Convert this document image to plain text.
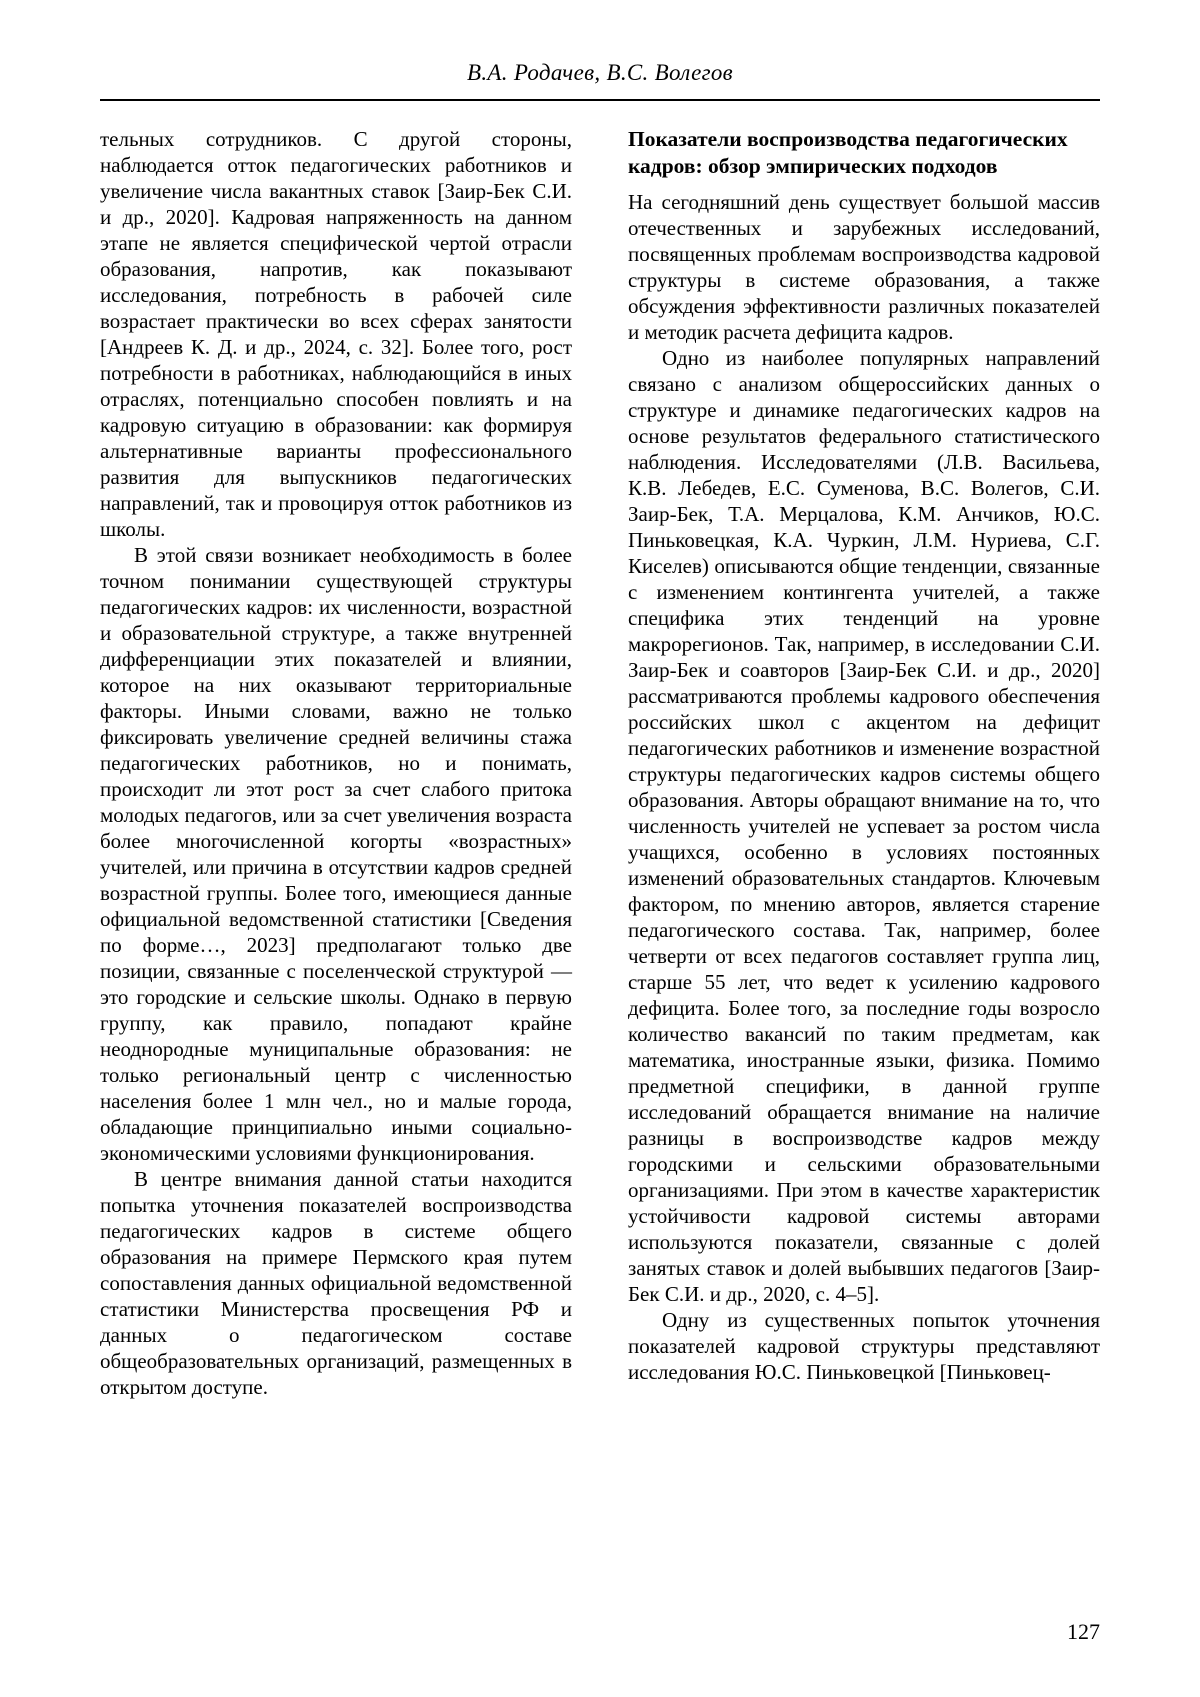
В.А. Родачев, В.С. Волегов

тельных сотрудников. С другой стороны, наблюдается отток педагогических работников и увеличение числа вакантных ставок [Заир-Бек С.И. и др., 2020]. Кадровая напряженность на данном этапе не является специфической чертой отрасли образования, напротив, как показывают исследования, потребность в рабочей силе возрастает практически во всех сферах занятости [Андреев К. Д. и др., 2024, с. 32]. Более того, рост потребности в работниках, наблюдающийся в иных отраслях, потенциально способен повлиять и на кадровую ситуацию в образовании: как формируя альтернативные варианты профессионального развития для выпускников педагогических направлений, так и провоцируя отток работников из школы.

В этой связи возникает необходимость в более точном понимании существующей структуры педагогических кадров: их численности, возрастной и образовательной структуре, а также внутренней дифференциации этих показателей и влиянии, которое на них оказывают территориальные факторы. Иными словами, важно не только фиксировать увеличение средней величины стажа педагогических работников, но и понимать, происходит ли этот рост за счет слабого притока молодых педагогов, или за счет увеличения возраста более многочисленной когорты «возрастных» учителей, или причина в отсутствии кадров средней возрастной группы. Более того, имеющиеся данные официальной ведомственной статистики [Сведения по форме…, 2023] предполагают только две позиции, связанные с поселенческой структурой — это городские и сельские школы. Однако в первую группу, как правило, попадают крайне неоднородные муниципальные образования: не только региональный центр с численностью населения более 1 млн чел., но и малые города, обладающие принципиально иными социально-экономическими условиями функционирования.

В центре внимания данной статьи находится попытка уточнения показателей воспроизводства педагогических кадров в системе общего образования на примере Пермского края путем сопоставления данных официальной ведомственной статистики Министерства просвещения РФ и данных о педагогическом составе общеобразовательных организаций, размещенных в открытом доступе.

Показатели воспроизводства педагогических кадров: обзор эмпирических подходов

На сегодняшний день существует большой массив отечественных и зарубежных исследований, посвященных проблемам воспроизводства кадровой структуры в системе образования, а также обсуждения эффективности различных показателей и методик расчета дефицита кадров.

Одно из наиболее популярных направлений связано с анализом общероссийских данных о структуре и динамике педагогических кадров на основе результатов федерального статистического наблюдения. Исследователями (Л.В. Васильева, К.В. Лебедев, Е.С. Суменова, В.С. Волегов, С.И. Заир-Бек, Т.А. Мерцалова, К.М. Анчиков, Ю.С. Пиньковецкая, К.А. Чуркин, Л.М. Нуриева, С.Г. Киселев) описываются общие тенденции, связанные с изменением контингента учителей, а также специфика этих тенденций на уровне макрорегионов. Так, например, в исследовании С.И. Заир-Бек и соавторов [Заир-Бек С.И. и др., 2020] рассматриваются проблемы кадрового обеспечения российских школ с акцентом на дефицит педагогических работников и изменение возрастной структуры педагогических кадров системы общего образования. Авторы обращают внимание на то, что численность учителей не успевает за ростом числа учащихся, особенно в условиях постоянных изменений образовательных стандартов. Ключевым фактором, по мнению авторов, является старение педагогического состава. Так, например, более четверти от всех педагогов составляет группа лиц, старше 55 лет, что ведет к усилению кадрового дефицита. Более того, за последние годы возросло количество вакансий по таким предметам, как математика, иностранные языки, физика. Помимо предметной специфики, в данной группе исследований обращается внимание на наличие разницы в воспроизводстве кадров между городскими и сельскими образовательными организациями. При этом в качестве характеристик устойчивости кадровой системы авторами используются показатели, связанные с долей занятых ставок и долей выбывших педагогов [Заир-Бек С.И. и др., 2020, с. 4–5].

Одну из существенных попыток уточнения показателей кадровой структуры представляют исследования Ю.С. Пиньковецкой [Пиньковец-

127
